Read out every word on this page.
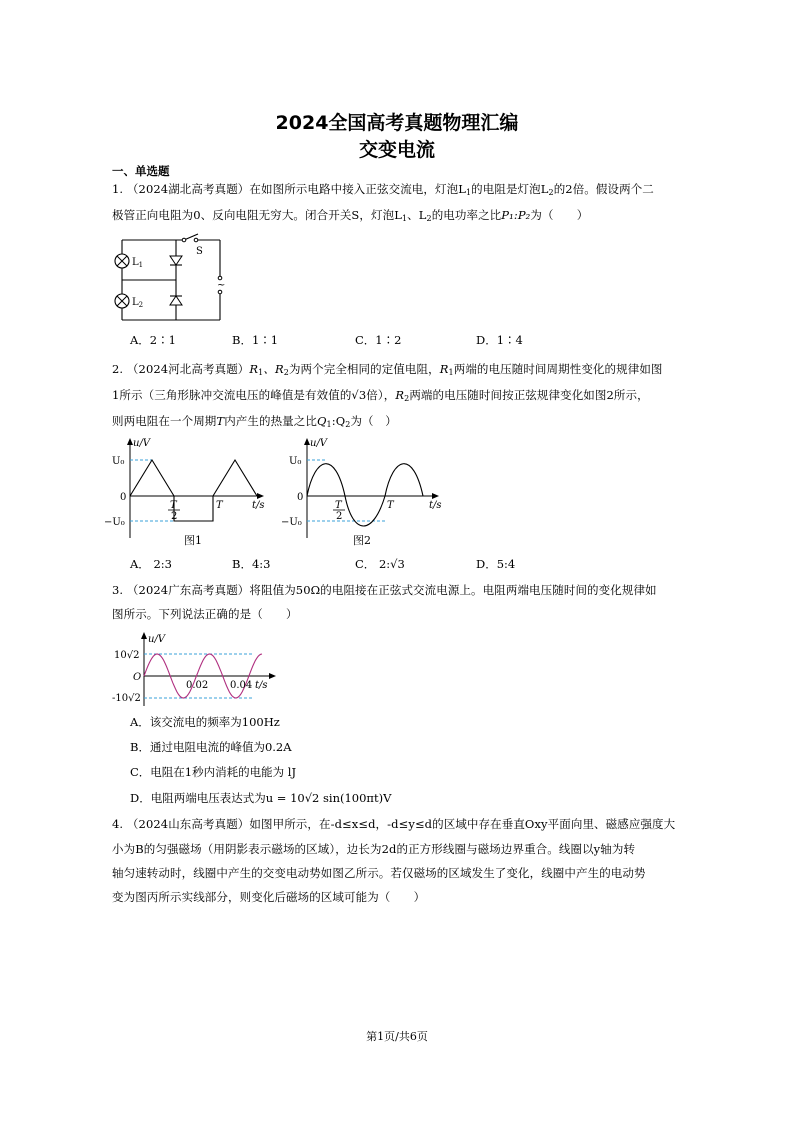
2024全国高考真题物理汇编
交变电流
一、单选题
1. （2024湖北高考真题）在如图所示电路中接入正弦交流电，灯泡$L_1$的电阻是灯泡$L_2$的2倍。假设两个二
极管正向电阻为0、反向电阻无穷大。闭合开关S，灯泡$L_1$、$L_2$的电功率之比P₁:P₂为（　　）
~
S
$L_1$
$L_2$
A．2∶1	B．1∶1	C．1∶2	D．1∶4
2. （2024河北高考真题）$R_1$、$R_2$为两个完全相同的定值电阻，$R_1$两端的电压随时间周期性变化的规律如图
1所示（三角形脉冲交流电压的峰值是有效值的√3倍），$R_2$两端的电压随时间按正弦规律变化如图2所示，
则两电阻在一个周期T内产生的热量之比$Q_1:Q_2$为（　）
u/V
U₀
0
−U₀
T
2
T	t/s
图1
u/V
U₀
0
−U₀
T
2
T	t/s
图2
A． 2:3	B．4:3	C． 2:√3	D．5:4
3. （2024广东高考真题）将阻值为50Ω的电阻接在正弦式交流电源上。电阻两端电压随时间的变化规律如
图所示。下列说法正确的是（　　）
u/V
10√2
O
-10√2
0.02 0.04 t/s
A．该交流电的频率为100Hz
B．通过电阻电流的峰值为0.2A
C．电阻在1秒内消耗的电能为 lJ
D．电阻两端电压表达式为u = 10√2 sin(100πt)V
4. （2024山东高考真题）如图甲所示，在-d≤x≤d，-d≤y≤d的区域中存在垂直Oxy平面向里、磁感应强度大
小为B的匀强磁场（用阴影表示磁场的区域），边长为2d的正方形线圈与磁场边界重合。线圈以y轴为转
轴匀速转动时，线圈中产生的交变电动势如图乙所示。若仅磁场的区域发生了变化，线圈中产生的电动势
变为图丙所示实线部分，则变化后磁场的区域可能为（　　）
第1页/共6页
